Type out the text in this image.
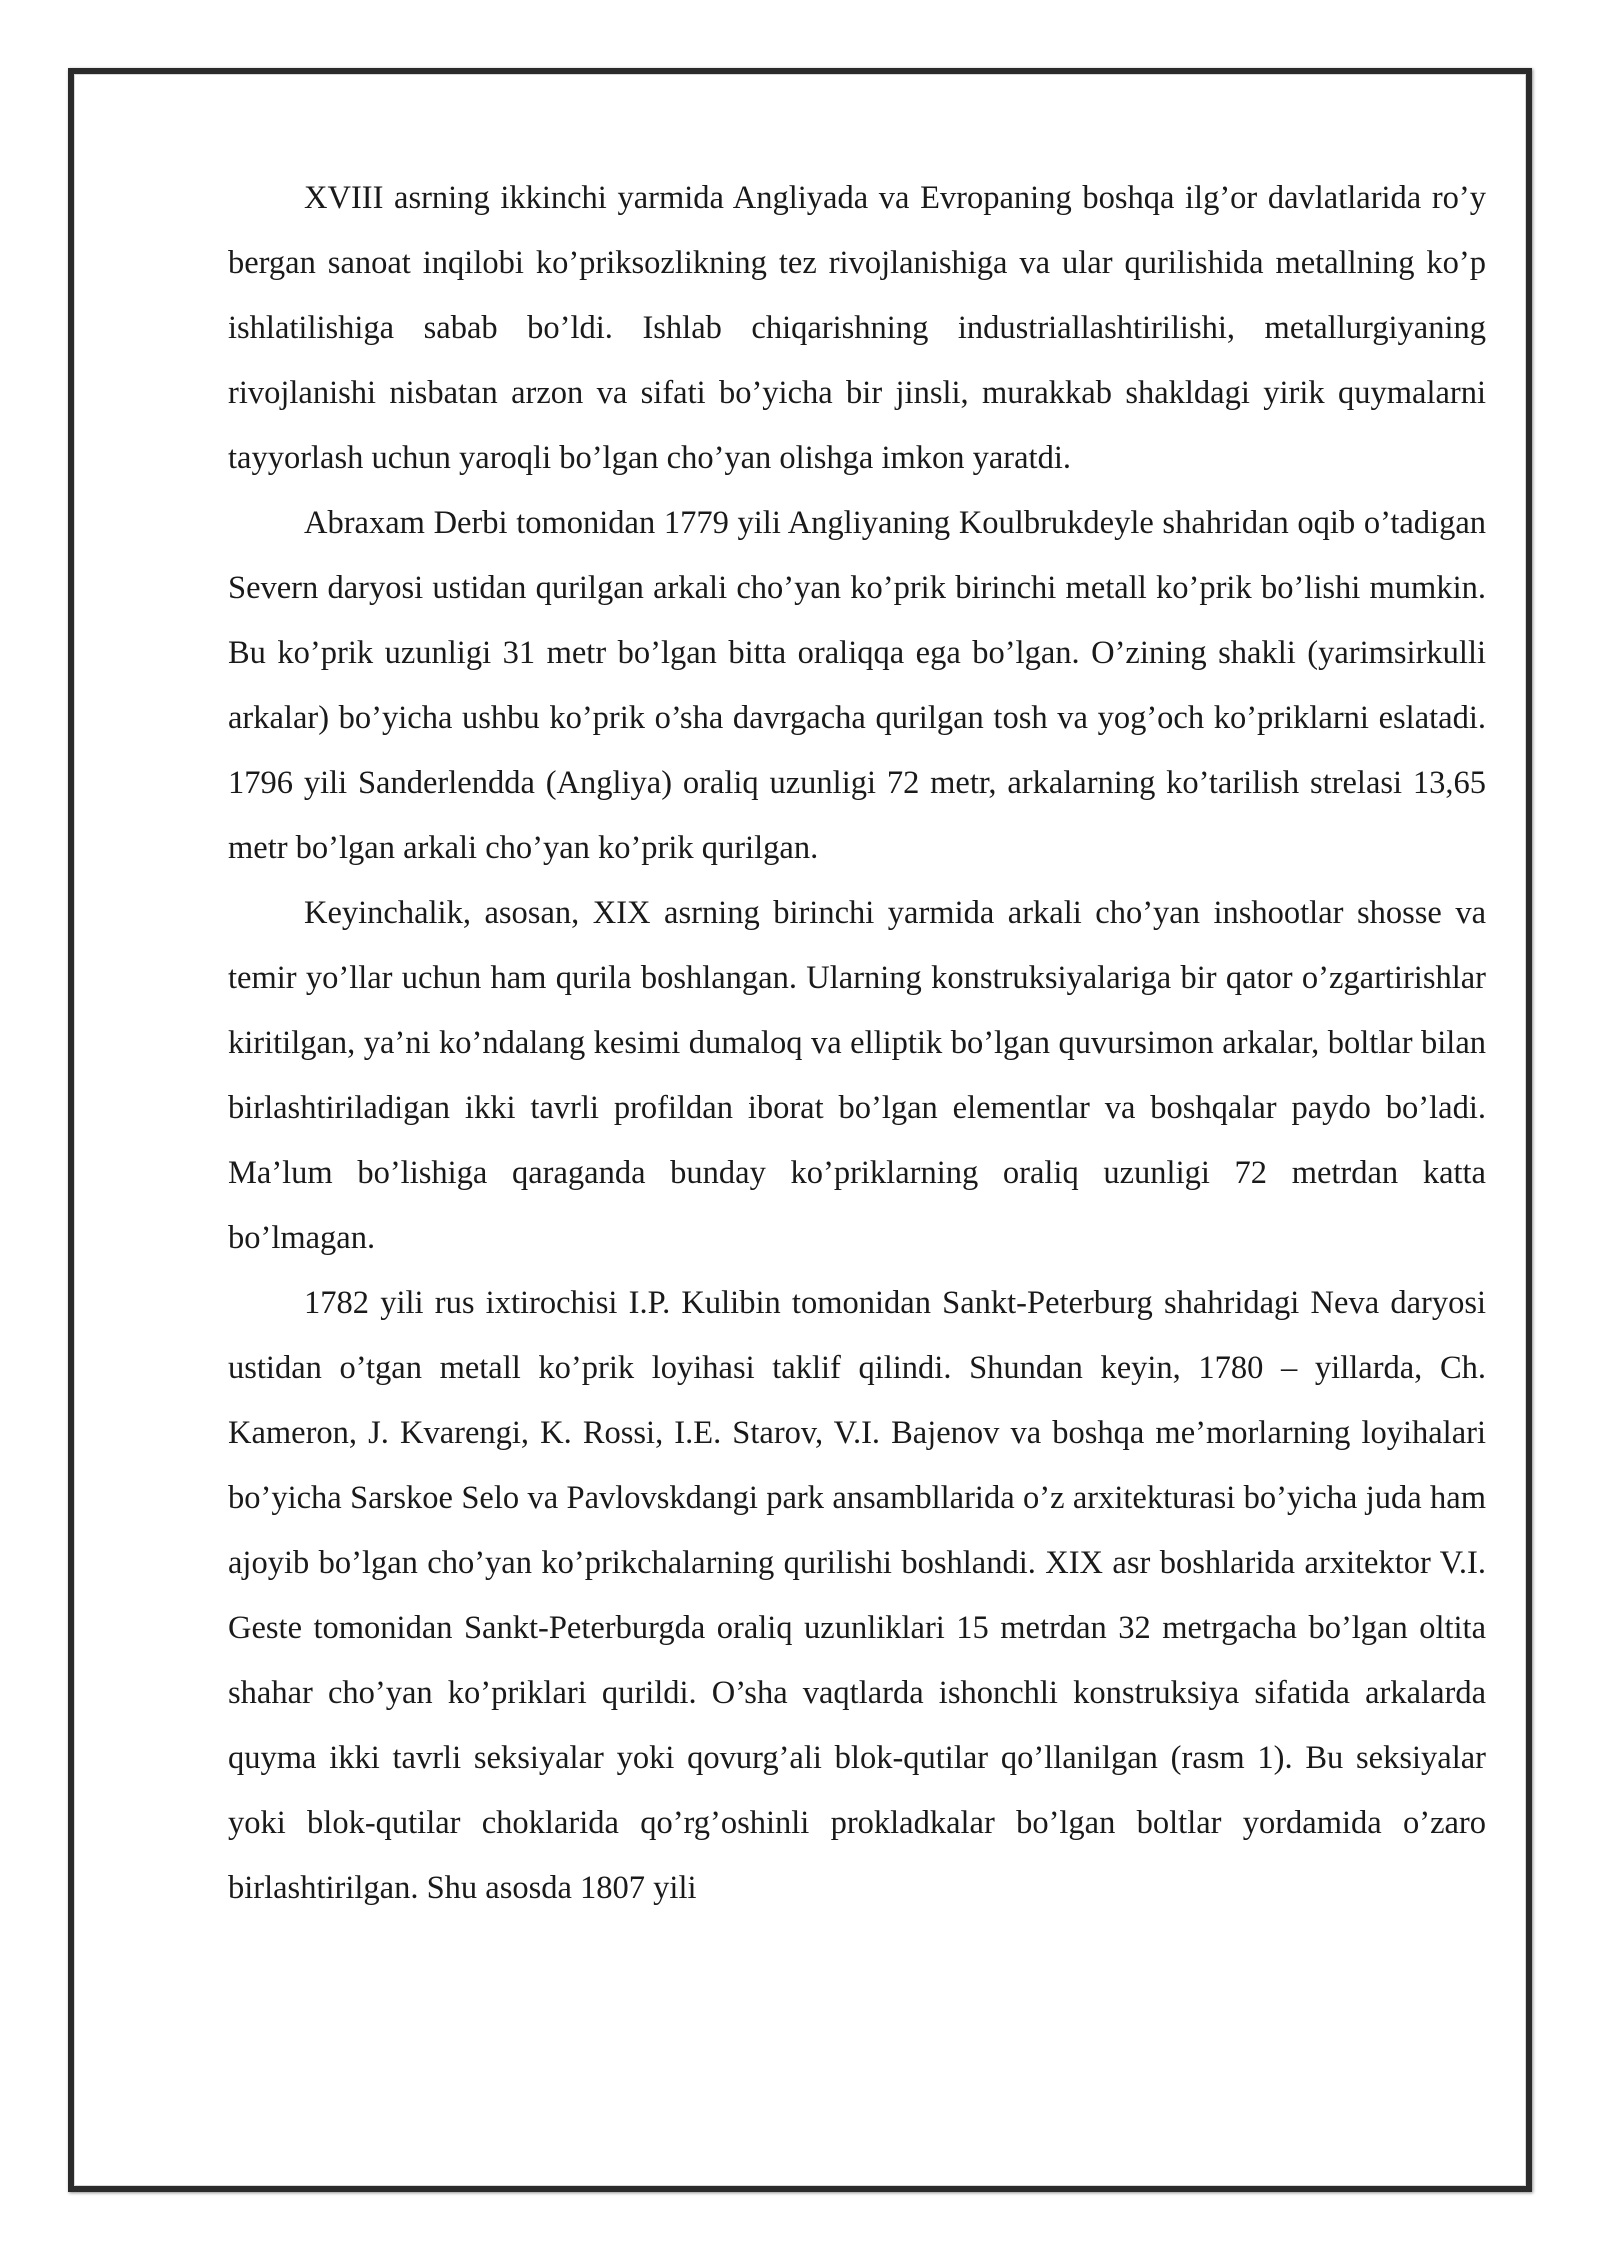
XVIII asrning ikkinchi yarmida Angliyada va Evropaning boshqa ilg’or davlatlarida ro’y bergan sanoat inqilobi ko’priksozlikning tez rivojlanishiga va ular qurilishida metallning ko’p ishlatilishiga sabab bo’ldi. Ishlab chiqarishning industriallashtirilishi, metallurgiyaning rivojlanishi nisbatan arzon va sifati bo’yicha bir jinsli, murakkab shakldagi yirik quymalarni tayyorlash uchun yaroqli bo’lgan cho’yan olishga imkon yaratdi.

Abraxam Derbi tomonidan 1779 yili Angliyaning Koulbrukdeyle shahridan oqib o’tadigan Severn daryosi ustidan qurilgan arkali cho’yan ko’prik birinchi metall ko’prik bo’lishi mumkin. Bu ko’prik uzunligi 31 metr bo’lgan bitta oraliqqa ega bo’lgan. O’zining shakli (yarimsirkulli arkalar) bo’yicha ushbu ko’prik o’sha davrgacha qurilgan tosh va yog’och ko’priklarni eslatadi. 1796 yili Sanderlendda (Angliya) oraliq uzunligi 72 metr, arkalarning ko’tarilish strelasi 13,65 metr bo’lgan arkali cho’yan ko’prik qurilgan.

Keyinchalik, asosan, XIX asrning birinchi yarmida arkali cho’yan inshootlar shosse va temir yo’llar uchun ham qurila boshlangan. Ularning konstruksiyalariga bir qator o’zgartirishlar kiritilgan, ya’ni ko’ndalang kesimi dumaloq va elliptik bo’lgan quvursimon arkalar, boltlar bilan birlashtiriladigan ikki tavrli profildan iborat bo’lgan elementlar va boshqalar paydo bo’ladi. Ma’lum bo’lishiga qaraganda bunday ko’priklarning oraliq uzunligi 72 metrdan katta bo’lmagan.

1782 yili rus ixtirochisi I.P. Kulibin tomonidan Sankt-Peterburg shahridagi Neva daryosi ustidan o’tgan metall ko’prik loyihasi taklif qilindi. Shundan keyin, 1780 – yillarda, Ch. Kameron, J. Kvarengi, K. Rossi, I.E. Starov, V.I. Bajenov va boshqa me’morlarning loyihalari bo’yicha Sarskoe Selo va Pavlovskdangi park ansambllarida o’z arxitekturasi bo’yicha juda ham ajoyib bo’lgan cho’yan ko’prikchalarning qurilishi boshlandi. XIX asr boshlarida arxitektor V.I. Geste tomonidan Sankt-Peterburgda oraliq uzunliklari 15 metrdan 32 metrgacha bo’lgan oltita shahar cho’yan ko’priklari qurildi. O’sha vaqtlarda ishonchli konstruksiya sifatida arkalarda quyma ikki tavrli seksiyalar yoki qovurg’ali blok-qutilar qo’llanilgan (rasm 1). Bu seksiyalar yoki blok-qutilar choklarida qo’rg’oshinli prokladkalar bo’lgan boltlar yordamida o’zaro birlashtirilgan. Shu asosda 1807 yili
